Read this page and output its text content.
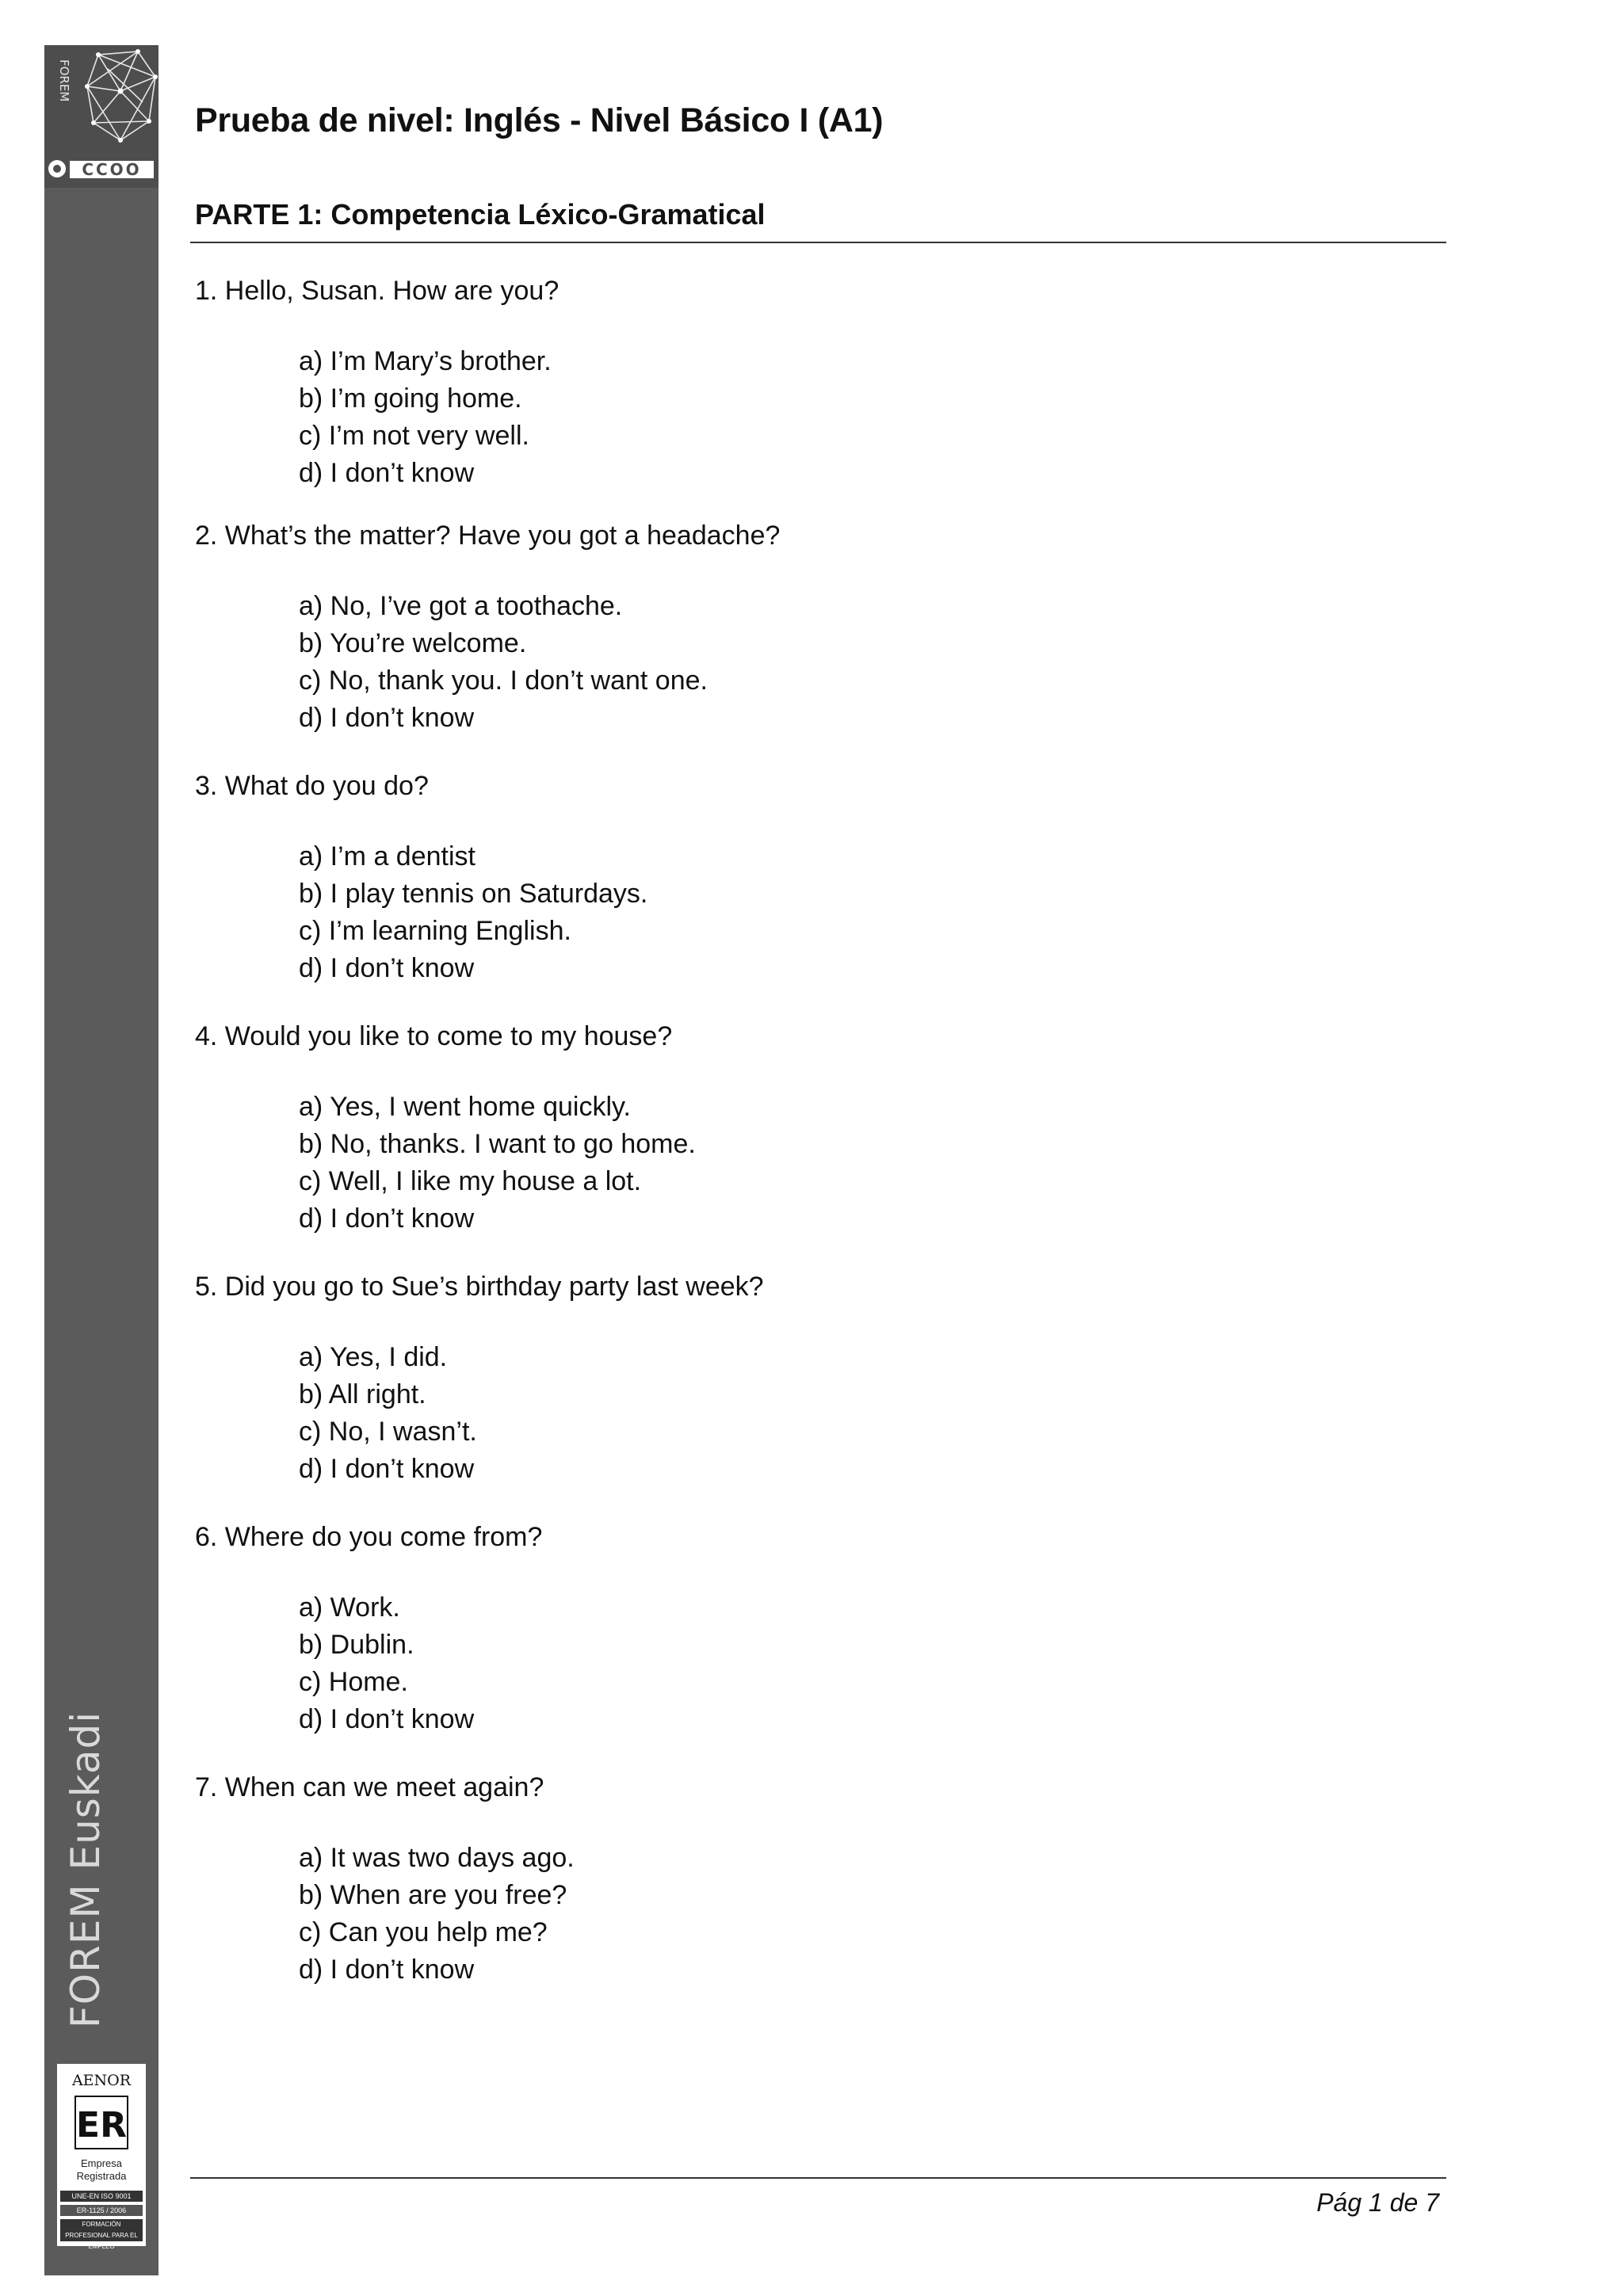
FOREM
CCOO
FOREM Euskadi
AENOR
ER
Empresa
Registrada
UNE-EN ISO 9001
ER-1125 / 2006
FORMACIÓN PROFESIONAL PARA EL EMPLEO
Prueba de nivel: Inglés - Nivel Básico I (A1)
PARTE 1: Competencia Léxico-Gramatical

1. Hello, Susan. How are you?

a) I’m Mary’s brother.
b) I’m going home.
c) I’m not very well.
d) I don’t know

2. What’s the matter? Have you got a headache?

a) No, I’ve got a toothache.
b) You’re welcome.
c) No, thank you. I don’t want one.
d) I don’t know

3. What do you do?

a) I’m a dentist
b) I play tennis on Saturdays.
c) I’m learning English.
d) I don’t know

4. Would you like to come to my house?

a) Yes, I went home quickly.
b) No, thanks. I want to go home.
c) Well, I like my house a lot.
d) I don’t know

5. Did you go to Sue’s birthday party last week?

a) Yes, I did.
b) All right.
c) No, I wasn’t.
d) I don’t know

6. Where do you come from?

a) Work.
b) Dublin.
c) Home.
d) I don’t know

7. When can we meet again?

a) It was two days ago.
b) When are you free?
c) Can you help me?
d) I don’t know
Pág 1 de 7
